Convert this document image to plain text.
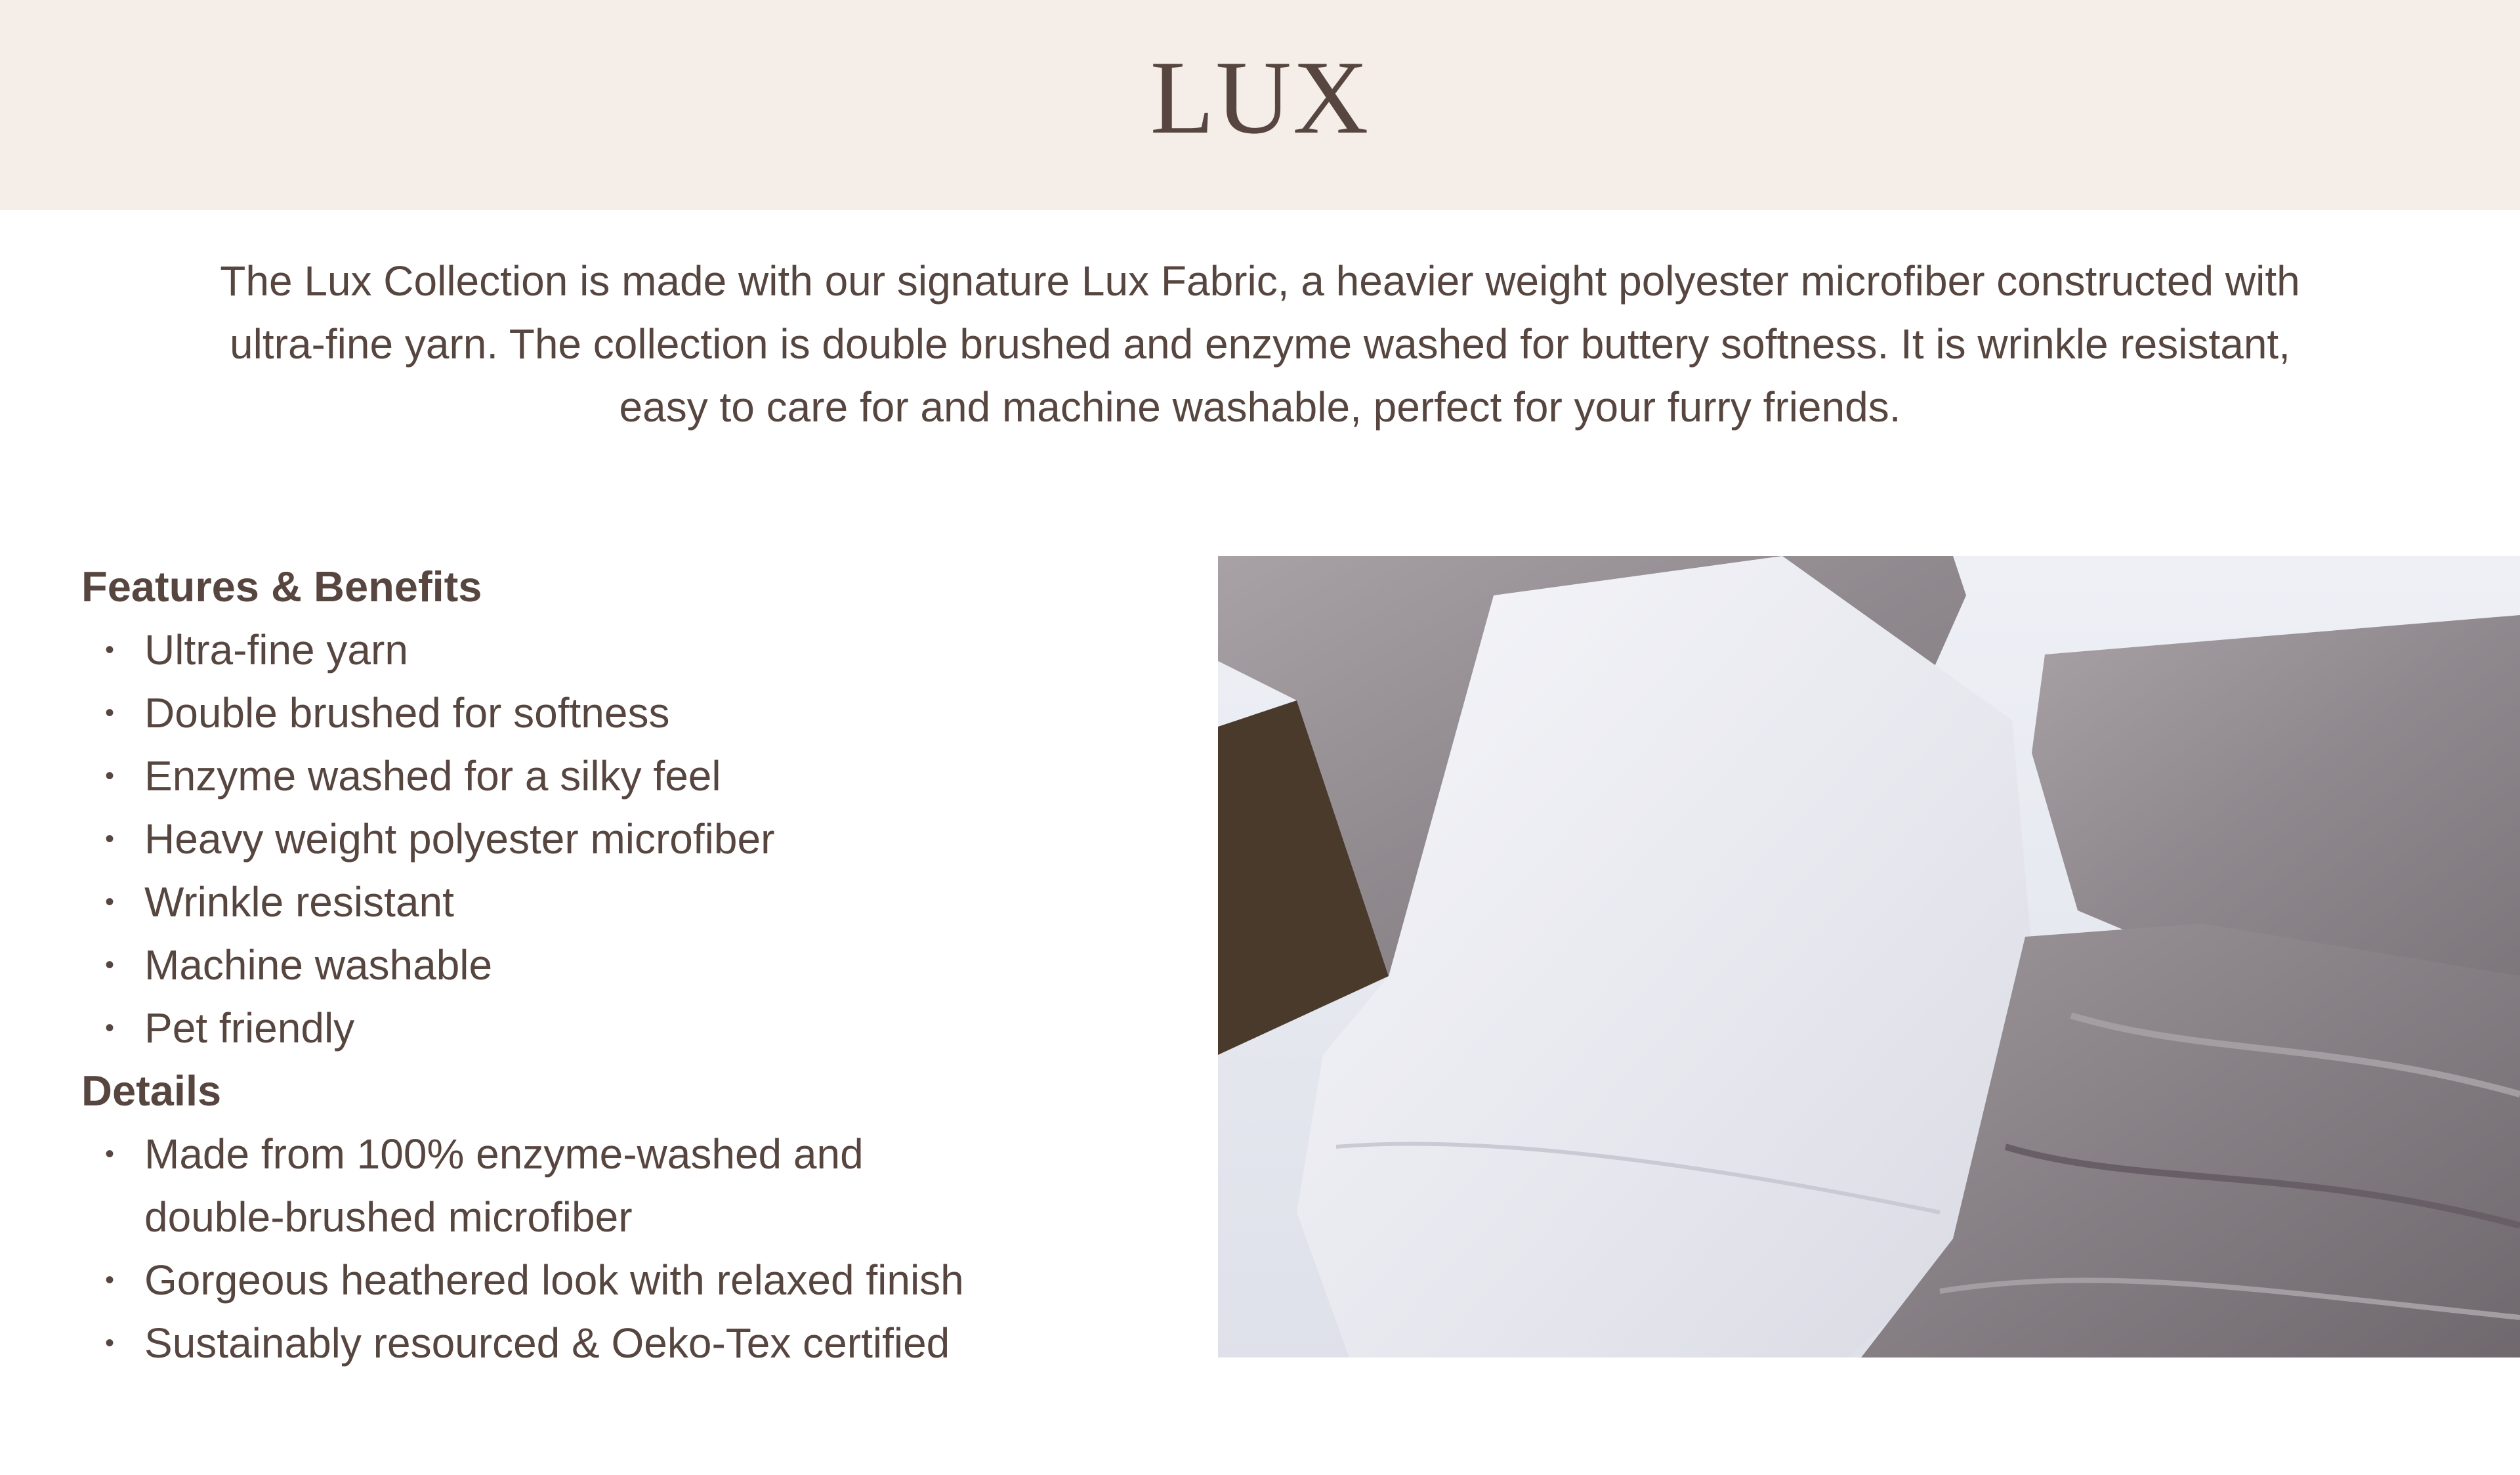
LUX

The Lux Collection is made with our signature Lux Fabric, a heavier weight polyester microfiber constructed with

ultra-fine yarn. The collection is double brushed and enzyme washed for buttery softness. It is wrinkle resistant,

easy to care for and machine washable, perfect for your furry friends.

Features & Benefits
• Ultra-fine yarn
• Double brushed for softness
• Enzyme washed for a silky feel
• Heavy weight polyester microfiber
• Wrinkle resistant
• Machine washable
• Pet friendly
Details
• Made from 100% enzyme-washed and
double-brushed microfiber
• Gorgeous heathered look with relaxed finish
• Sustainably resourced & Oeko-Tex certified
